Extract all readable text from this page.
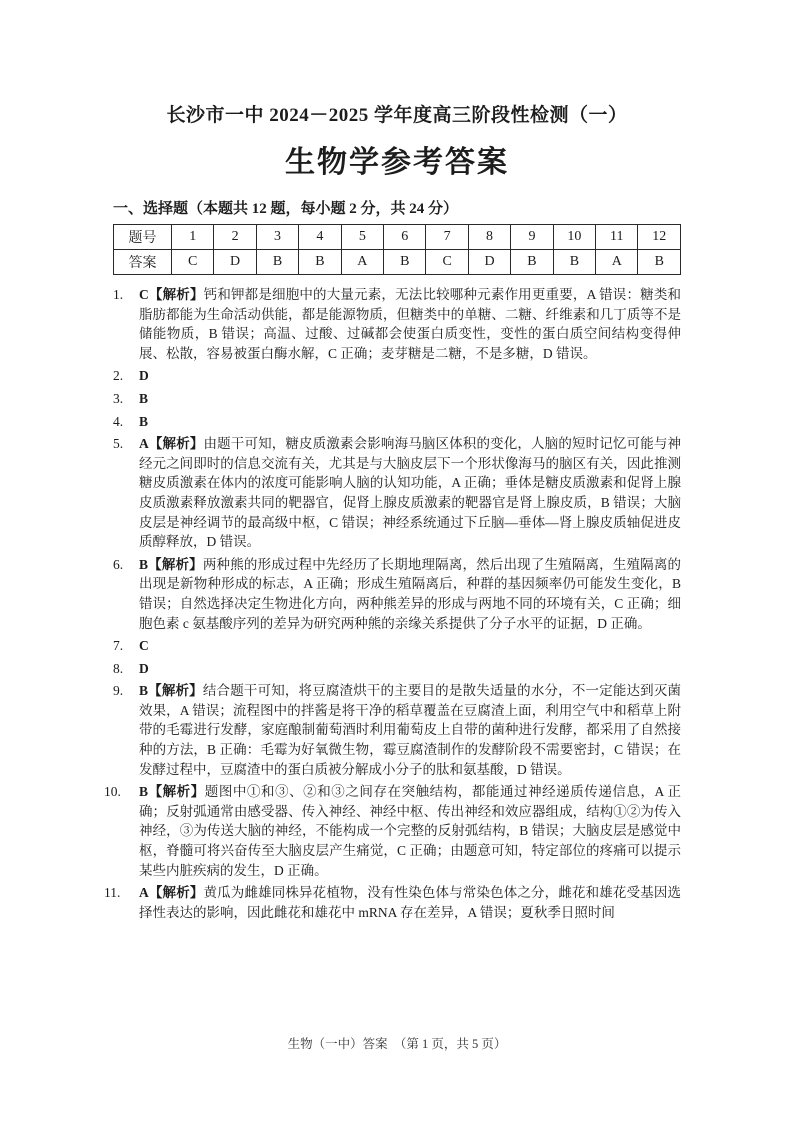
长沙市一中 2024－2025 学年度高三阶段性检测（一）
生物学参考答案
一、选择题（本题共 12 题，每小题 2 分，共 24 分）
题号	1	2	3	4	5	6	7	8	9	10	11	12
答案	C	D	B	B	A	B	C	D	B	B	A	B
1. C【解析】钙和钾都是细胞中的大量元素，无法比较哪种元素作用更重要，A 错误：糖类和脂肪都能为生命活动供能，都是能源物质，但糖类中的单糖、二糖、纤维素和几丁质等不是储能物质，B 错误；高温、过酸、过碱都会使蛋白质变性，变性的蛋白质空间结构变得伸展、松散，容易被蛋白酶水解，C 正确；麦芽糖是二糖，不是多糖，D 错误。
2. D
3. B
4. B
5. A【解析】由题干可知，糖皮质激素会影响海马脑区体积的变化，人脑的短时记忆可能与神经元之间即时的信息交流有关，尤其是与大脑皮层下一个形状像海马的脑区有关，因此推测糖皮质激素在体内的浓度可能影响人脑的认知功能，A 正确；垂体是糖皮质激素和促肾上腺皮质激素释放激素共同的靶器官，促肾上腺皮质激素的靶器官是肾上腺皮质，B 错误；大脑皮层是神经调节的最高级中枢，C 错误；神经系统通过下丘脑—垂体—肾上腺皮质轴促进皮质醇释放，D 错误。
6. B【解析】两种熊的形成过程中先经历了长期地理隔离，然后出现了生殖隔离，生殖隔离的出现是新物种形成的标志，A 正确；形成生殖隔离后，种群的基因频率仍可能发生变化，B 错误；自然选择决定生物进化方向，两种熊差异的形成与两地不同的环境有关，C 正确；细胞色素 c 氨基酸序列的差异为研究两种熊的亲缘关系提供了分子水平的证据，D 正确。
7. C
8. D
9. B【解析】结合题干可知，将豆腐渣烘干的主要目的是散失适量的水分，不一定能达到灭菌效果，A 错误；流程图中的拌酱是将干净的稻草覆盖在豆腐渣上面，利用空气中和稻草上附带的毛霉进行发酵，家庭酿制葡萄酒时利用葡萄皮上自带的菌种进行发酵，都采用了自然接种的方法，B 正确：毛霉为好氧微生物，霉豆腐渣制作的发酵阶段不需要密封，C 错误；在发酵过程中，豆腐渣中的蛋白质被分解成小分子的肽和氨基酸，D 错误。
10. B【解析】题图中①和③、②和③之间存在突触结构，都能通过神经递质传递信息，A 正确；反射弧通常由感受器、传入神经、神经中枢、传出神经和效应器组成，结构①②为传入神经，③为传送大脑的神经，不能构成一个完整的反射弧结构，B 错误；大脑皮层是感觉中枢，脊髓可将兴奋传至大脑皮层产生痛觉，C 正确；由题意可知，特定部位的疼痛可以提示某些内脏疾病的发生，D 正确。
11. A【解析】黄瓜为雌雄同株异花植物，没有性染色体与常染色体之分，雌花和雄花受基因选择性表达的影响，因此雌花和雄花中 mRNA 存在差异，A 错误；夏秋季日照时间
生物（一中）答案　（第 1 页，共 5 页）
